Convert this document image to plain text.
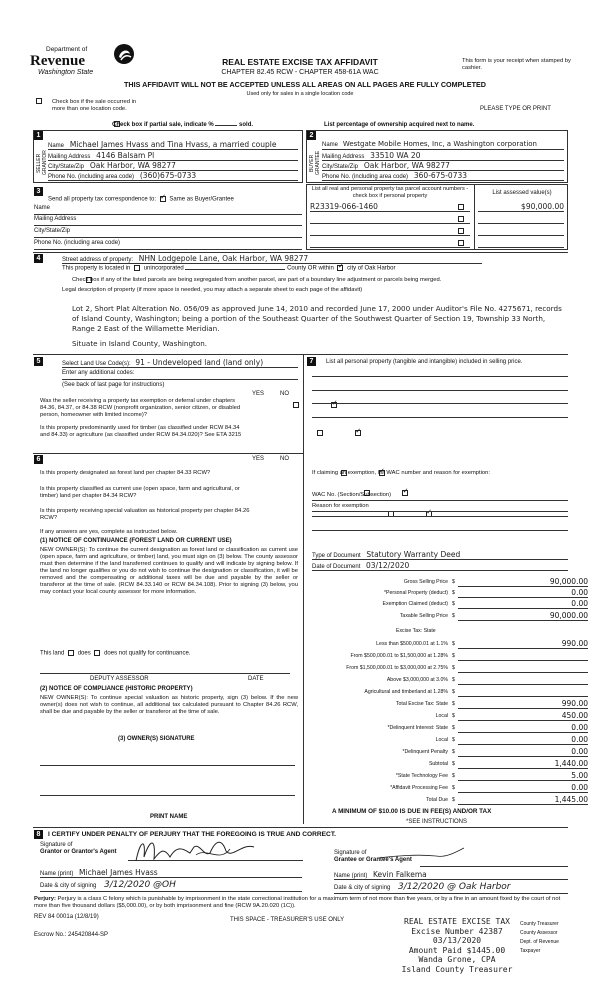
Department of
Revenue
Washington State
REAL ESTATE EXCISE TAX AFFIDAVIT
CHAPTER 82.45 RCW - CHAPTER 458-61A WAC
This form is your receipt when stamped by cashier.
THIS AFFIDAVIT WILL NOT BE ACCEPTED UNLESS ALL AREAS ON ALL PAGES ARE FULLY COMPLETED
Used only for sales in a single location code

Check box if the sale occurred in more than one location code.	PLEASE TYPE OR PRINT

Check box if partial sale, indicate %	sold.	List percentage of ownership acquired next to name.
1
SELLER GRANTOR
Name Michael James Hvass and Tina Hvass, a married couple
Mailing Address 4146 Balsam Pl
City/State/Zip Oak Harbor, WA 98277
Phone No. (including area code) (360)675-0733
2
BUYER GRANTEE
Name Westgate Mobile Homes, Inc, a Washington corporation
Mailing Address 33510 WA 20
City/State/Zip Oak Harbor, WA 98277
Phone No. (including area code) 360-675-0733
3
Send all property tax correspondence to: ✓ Same as Buyer/Grantee
Name
Mailing Address
City/State/Zip
Phone No. (including area code)
List all real and personal property tax parcel account numbers - check box if personal property	List assessed value(s)
R23319-066-1460	$90,000.00
4	Street address of property: NHN Lodgepole Lane, Oak Harbor, WA 98277
This property is located in unincorporated	County OR within ✓ city of Oak Harbor

Check box if any of the listed parcels are being segregated from another parcel, are part of a boundary line adjustment or parcels being merged.
Legal description of property (if more space is needed, you may attach a separate sheet to each page of the affidavit)
Lot 2, Short Plat Alteration No. 056/09 as approved June 14, 2010 and recorded June 17, 2000 under Auditor's File No. 4275671, records of Island County, Washington; being a portion of the Southeast Quarter of the Southwest Quarter of Section 19, Township 33 North, Range 2 East of the Willamette Meridian.
Situate in Island County, Washington.
5	Select Land Use Code(s): 91 - Undeveloped land (land only)
Enter any additional codes:
(See back of last page for instructions)
YES	NO
Was the seller receiving a property tax exemption or deferral under chapters 84.36, 84.37, or 84.38 RCW (nonprofit organization, senior citizen, or disabled person, homeowner with limited income)?
✓
Is this property predominantly used for timber (as classified under RCW 84.34 and 84.33) or agriculture (as classified under RCW 84.34.020)? See ETA 3215
✓
6	YES	NO
Is this property designated as forest land per chapter 84.33 RCW?
✓
Is this property classified as current use (open space, farm and agricultural, or timber) land per chapter 84.34 RCW?
✓
Is this property receiving special valuation as historical property per chapter 84.26 RCW?
✓
If any answers are yes, complete as instructed below.
(1) NOTICE OF CONTINUANCE (FOREST LAND OR CURRENT USE)
NEW OWNER(S): To continue the current designation as forest land or classification as current use (open space, farm and agriculture, or timber) land, you must sign on (3) below. The county assessor must then determine if the land transferred continues to qualify and will indicate by signing below. If the land no longer qualifies or you do not wish to continue the designation or classification, it will be removed and the compensating or additional taxes will be due and payable by the seller or transferor at the time of sale. (RCW 84.33.140 or RCW 84.34.108). Prior to signing (3) below, you may contact your local county assessor for more information.
This land does does not qualify for continuance.
DEPUTY ASSESSOR	DATE
(2) NOTICE OF COMPLIANCE (HISTORIC PROPERTY)
NEW OWNER(S): To continue special valuation as historic property, sign (3) below. If the new owner(s) does not wish to continue, all additional tax calculated pursuant to Chapter 84.26 RCW, shall be due and payable by the seller or transferor at the time of sale.
(3) OWNER(S) SIGNATURE
PRINT NAME
7	List all personal property (tangible and intangible) included in selling price.
If claiming an exemption, list WAC number and reason for exemption:
WAC No. (Section/Subsection)
Reason for exemption
Type of Document Statutory Warranty Deed
Date of Document 03/12/2020
Gross Selling Price $	90,000.00
*Personal Property (deduct) $	0.00
Exemption Claimed (deduct) $	0.00
Taxable Selling Price $	90,000.00
Less than $500,000.01 at 1.1% $	990.00
From $500,000.01 to $1,500,000 at 1.28% $
From $1,500,000.01 to $3,000,000 at 2.75% $
Above $3,000,000 at 3.0% $
Agricultural and timberland at 1.28% $
Total Excise Tax: State $	990.00
Local $	450.00
*Delinquent Interest: State $	0.00
Local $	0.00
*Delinquent Penalty $	0.00
Subtotal $	1,440.00
*State Technology Fee $	5.00
*Affidavit Processing Fee $	0.00
Total Due $	1,445.00
Excise Tax: State
A MINIMUM OF $10.00 IS DUE IN FEE(S) AND/OR TAX
*SEE INSTRUCTIONS
8	I CERTIFY UNDER PENALTY OF PERJURY THAT THE FOREGOING IS TRUE AND CORRECT.
Signature of
Grantor or Grantor's Agent
Name (print) Michael James Hvass
Date & city of signing 3/12/2020 @OH
Signature of
Grantee or Grantee's Agent
Name (print) Kevin Falkema
Date & city of signing 3/12/2020 @ Oak Harbor
Perjury: Perjury is a class C felony which is punishable by imprisonment in the state correctional institution for a maximum term of not more than five years, or by a fine in an amount fixed by the court of not more than five thousand dollars ($5,000.00), or by both imprisonment and fine (RCW 9A.20.020 (1C)).
REV 84 0001a (12/8/19)	THIS SPACE - TREASURER'S USE ONLY
Escrow No.: 245420844-SP
REAL ESTATE EXCISE TAX
Excise Number 42387
03/13/2020
Amount Paid $1445.00
Wanda Grone, CPA
Island County Treasurer
County Treasurer
County Assessor
Dept. of Revenue
Taxpayer
